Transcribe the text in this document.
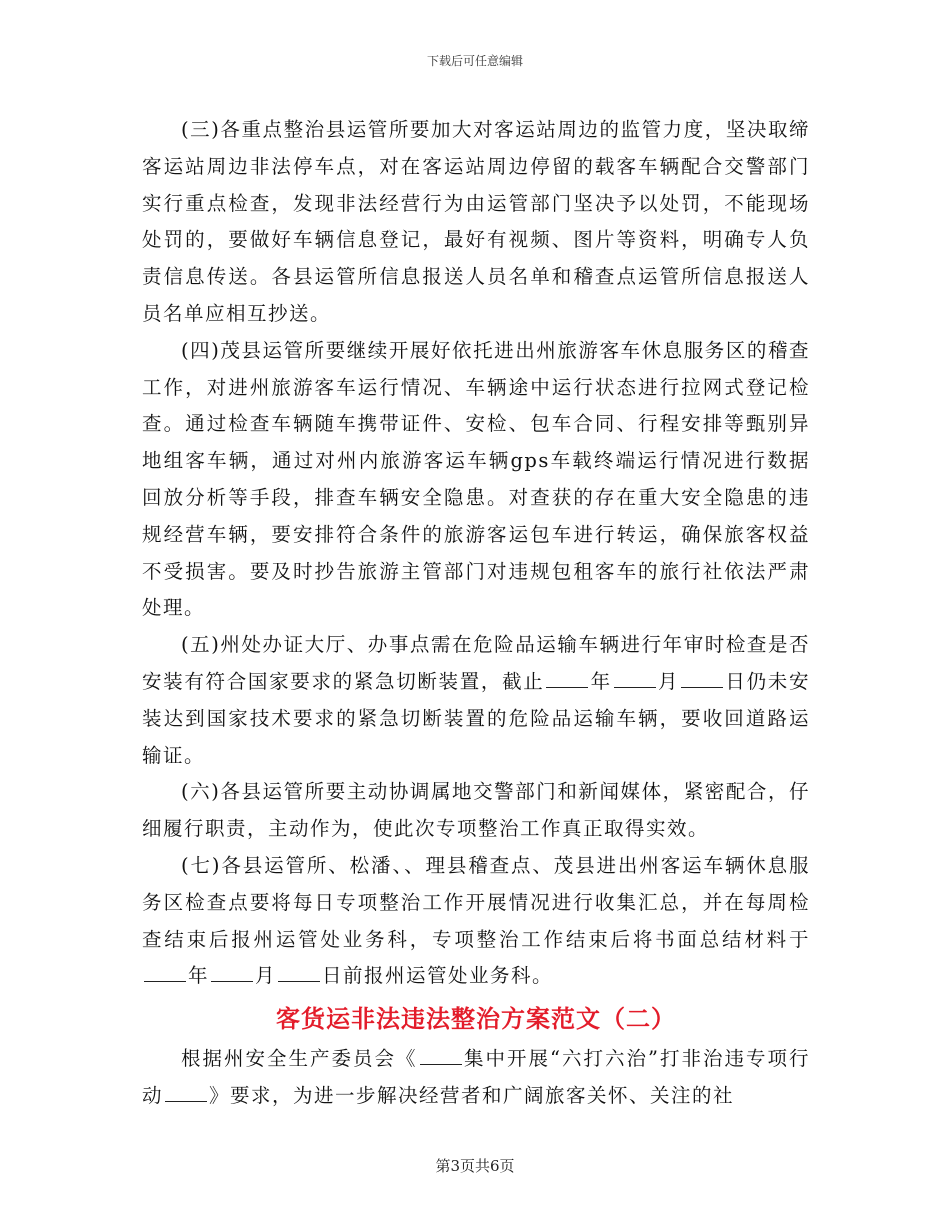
下载后可任意编辑

(三)各重点整治县运管所要加大对客运站周边的监管力度，坚决取缔客运站周边非法停车点，对在客运站周边停留的载客车辆配合交警部门实行重点检查，发现非法经营行为由运管部门坚决予以处罚，不能现场处罚的，要做好车辆信息登记，最好有视频、图片等资料，明确专人负责信息传送。各县运管所信息报送人员名单和稽查点运管所信息报送人员名单应相互抄送。

(四)茂县运管所要继续开展好依托进出州旅游客车休息服务区的稽查工作，对进州旅游客车运行情况、车辆途中运行状态进行拉网式登记检查。通过检查车辆随车携带证件、安检、包车合同、行程安排等甄别异地组客车辆，通过对州内旅游客运车辆gps车载终端运行情况进行数据回放分析等手段，排查车辆安全隐患。对查获的存在重大安全隐患的违规经营车辆，要安排符合条件的旅游客运包车进行转运，确保旅客权益不受损害。要及时抄告旅游主管部门对违规包租客车的旅行社依法严肃处理。

(五)州处办证大厅、办事点需在危险品运输车辆进行年审时检查是否安装有符合国家要求的紧急切断装置，截止 年 月 日仍未安装达到国家技术要求的紧急切断装置的危险品运输车辆，要收回道路运输证。

(六)各县运管所要主动协调属地交警部门和新闻媒体，紧密配合，仔细履行职责，主动作为，使此次专项整治工作真正取得实效。

(七)各县运管所、松潘、、理县稽查点、茂县进出州客运车辆休息服务区检查点要将每日专项整治工作开展情况进行收集汇总，并在每周检查结束后报州运管处业务科，专项整治工作结束后将书面总结材料于年 月 日前报州运管处业务科。

客货运非法违法整治方案范文（二）

根据州安全生产委员会《 集中开展“六打六治”打非治违专项行动 》要求，为进一步解决经营者和广阔旅客关怀、关注的社

第3页共6页
